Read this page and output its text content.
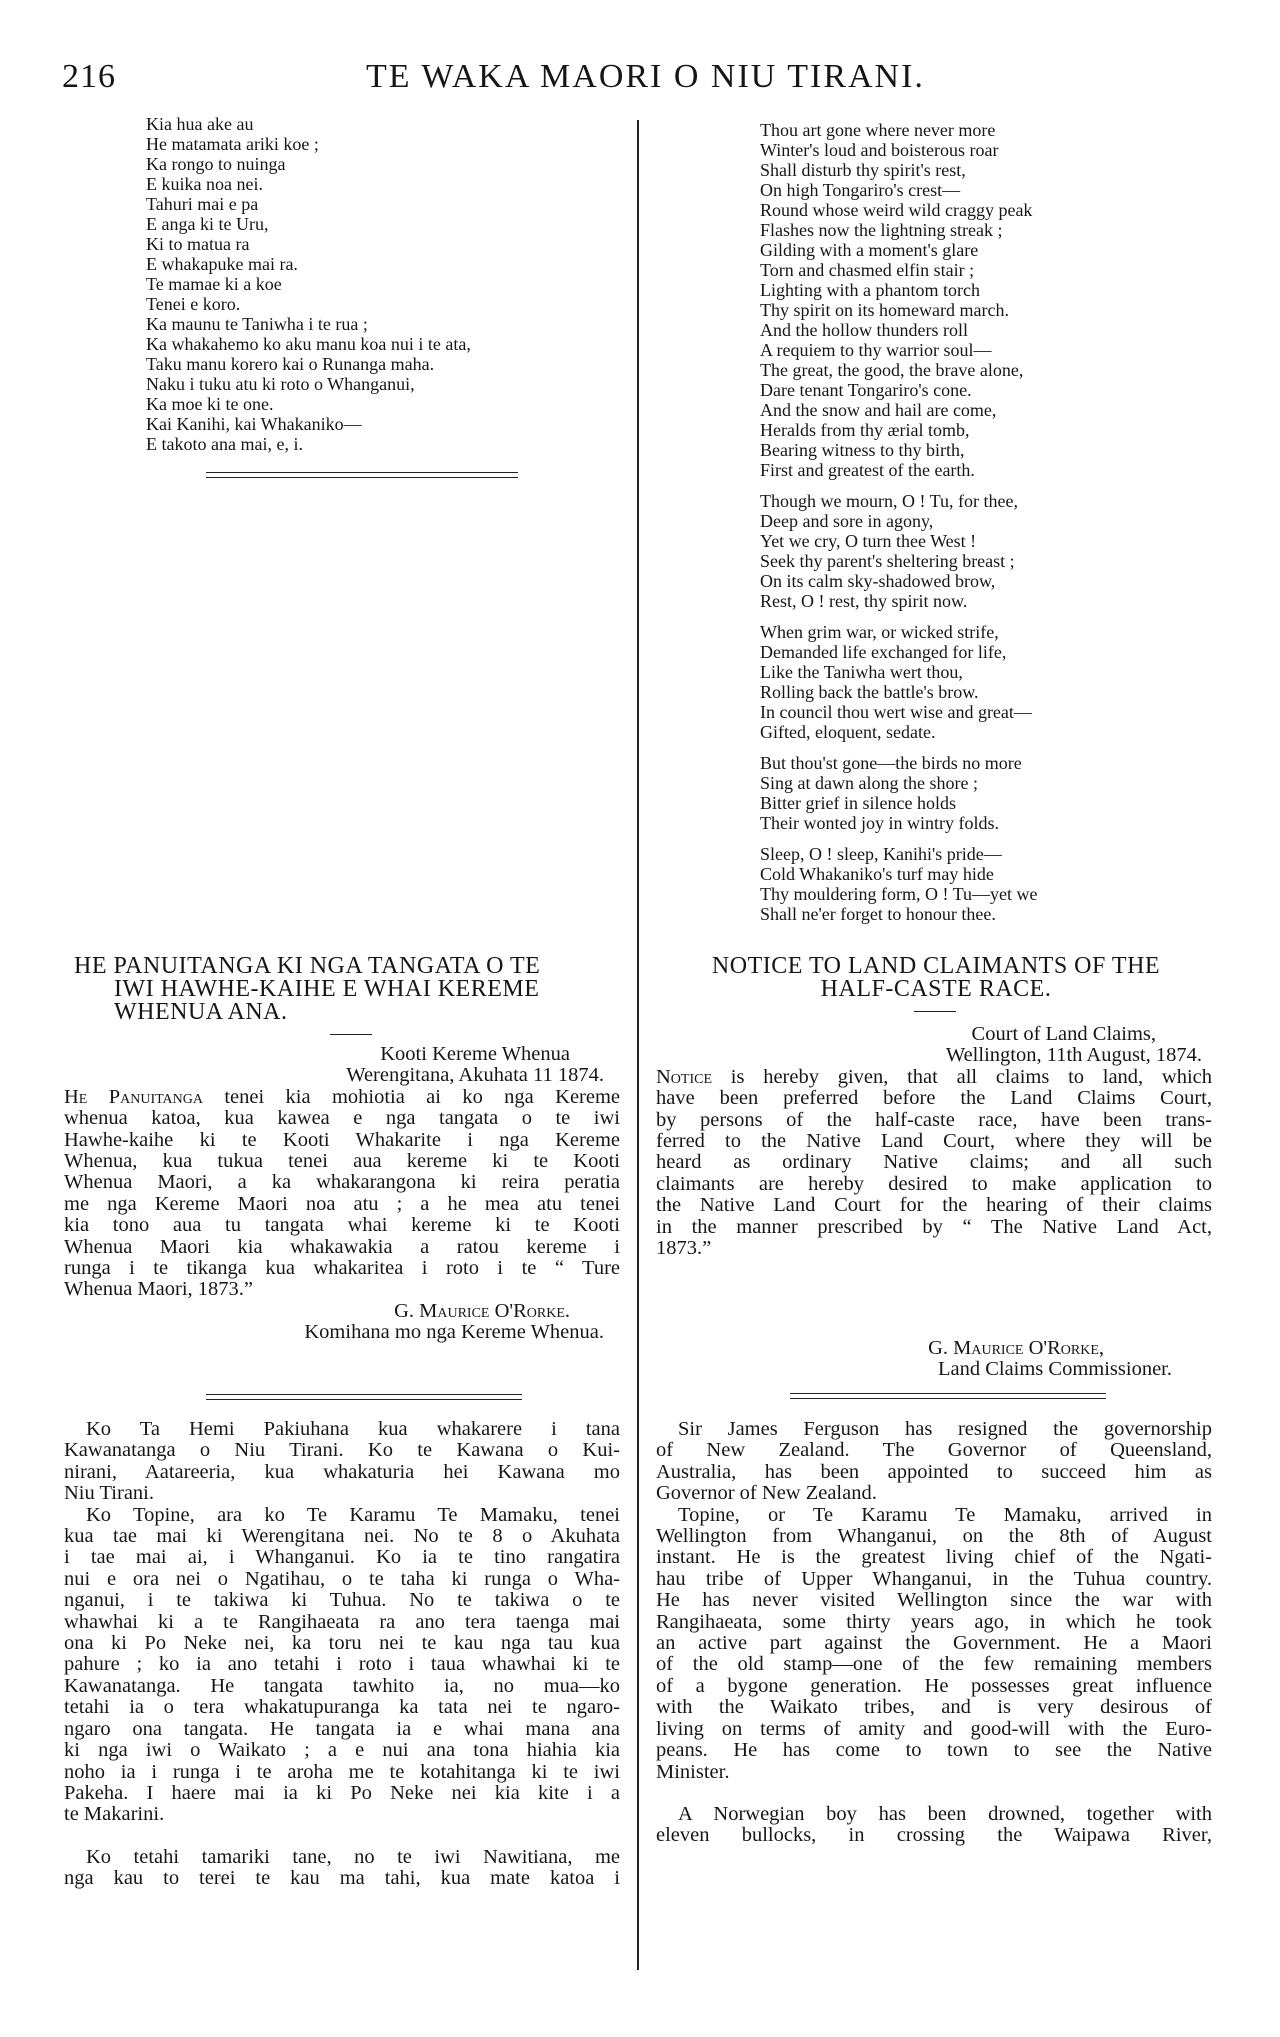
216	TE WAKA MAORI O NIU TIRANI.
Kia hua ake au
He matamata ariki koe ;
Ka rongo to nuinga
E kuika noa nei.
Tahuri mai e pa
E anga ki te Uru,
Ki to matua ra
E whakapuke mai ra.
Te mamae ki a koe
Tenei e koro.
Ka maunu te Taniwha i te rua ;
Ka whakahemo ko aku manu koa nui i te ata,
Taku manu korero kai o Runanga maha.
Naku i tuku atu ki roto o Whanganui,
Ka moe ki te one.
Kai Kanihi, kai Whakaniko—
E takoto ana mai, e, i.
Thou art gone where never more
Winter's loud and boisterous roar
Shall disturb thy spirit's rest,
On high Tongariro's crest—
Round whose weird wild craggy peak
Flashes now the lightning streak ;
Gilding with a moment's glare
Torn and chasmed elfin stair ;
Lighting with a phantom torch
Thy spirit on its homeward march.
And the hollow thunders roll
A requiem to thy warrior soul—
The great, the good, the brave alone,
Dare tenant Tongariro's cone.
And the snow and hail are come,
Heralds from thy ærial tomb,
Bearing witness to thy birth,
First and greatest of the earth.
Though we mourn, O ! Tu, for thee,
Deep and sore in agony,
Yet we cry, O turn thee West !
Seek thy parent's sheltering breast ;
On its calm sky-shadowed brow,
Rest, O ! rest, thy spirit now.
When grim war, or wicked strife,
Demanded life exchanged for life,
Like the Taniwha wert thou,
Rolling back the battle's brow.
In council thou wert wise and great—
Gifted, eloquent, sedate.
But thou'st gone—the birds no more
Sing at dawn along the shore ;
Bitter grief in silence holds
Their wonted joy in wintry folds.
Sleep, O ! sleep, Kanihi's pride—
Cold Whakaniko's turf may hide
Thy mouldering form, O ! Tu—yet we
Shall ne'er forget to honour thee.
HE PANUITANGA KI NGA TANGATA O TE
IWI HAWHE-KAIHE E WHAI KEREME
WHENUA ANA.
Kooti Kereme Whenua
Werengitana, Akuhata 11 1874.
He Panuitanga tenei kia mohiotia ai ko nga Kereme
whenua katoa, kua kawea e nga tangata o te iwi
Hawhe-kaihe ki te Kooti Whakarite i nga Kereme
Whenua, kua tukua tenei aua kereme ki te Kooti
Whenua Maori, a ka whakarangona ki reira peratia
me nga Kereme Maori noa atu ; a he mea atu tenei
kia tono aua tu tangata whai kereme ki te Kooti
Whenua Maori kia whakawakia a ratou kereme i
runga i te tikanga kua whakaritea i roto i te “ Ture
Whenua Maori, 1873.”
G. Maurice O'Rorke.
Komihana mo nga Kereme Whenua.
NOTICE TO LAND CLAIMANTS OF THE
HALF-CASTE RACE.
Court of Land Claims,
Wellington, 11th August, 1874.
Notice is hereby given, that all claims to land, which
have been preferred before the Land Claims Court,
by persons of the half-caste race, have been trans-
ferred to the Native Land Court, where they will be
heard as ordinary Native claims; and all such
claimants are hereby desired to make application to
the Native Land Court for the hearing of their claims
in the manner prescribed by “ The Native Land Act,
1873.”
G. Maurice O'Rorke,
Land Claims Commissioner.
Ko Ta Hemi Pakiuhana kua whakarere i tana
Kawanatanga o Niu Tirani. Ko te Kawana o Kui-
nirani, Aatareeria, kua whakaturia hei Kawana mo
Niu Tirani.
Ko Topine, ara ko Te Karamu Te Mamaku, tenei
kua tae mai ki Werengitana nei. No te 8 o Akuhata
i tae mai ai, i Whanganui. Ko ia te tino rangatira
nui e ora nei o Ngatihau, o te taha ki runga o Wha-
nganui, i te takiwa ki Tuhua. No te takiwa o te
whawhai ki a te Rangihaeata ra ano tera taenga mai
ona ki Po Neke nei, ka toru nei te kau nga tau kua
pahure ; ko ia ano tetahi i roto i taua whawhai ki te
Kawanatanga. He tangata tawhito ia, no mua—ko
tetahi ia o tera whakatupuranga ka tata nei te ngaro-
ngaro ona tangata. He tangata ia e whai mana ana
ki nga iwi o Waikato ; a e nui ana tona hiahia kia
noho ia i runga i te aroha me te kotahitanga ki te iwi
Pakeha. I haere mai ia ki Po Neke nei kia kite i a
te Makarini.
Ko tetahi tamariki tane, no te iwi Nawitiana, me
nga kau to terei te kau ma tahi, kua mate katoa i
Sir James Ferguson has resigned the governorship
of New Zealand. The Governor of Queensland,
Australia, has been appointed to succeed him as
Governor of New Zealand.
Topine, or Te Karamu Te Mamaku, arrived in
Wellington from Whanganui, on the 8th of August
instant. He is the greatest living chief of the Ngati-
hau tribe of Upper Whanganui, in the Tuhua country.
He has never visited Wellington since the war with
Rangihaeata, some thirty years ago, in which he took
an active part against the Government. He a Maori
of the old stamp—one of the few remaining members
of a bygone generation. He possesses great influence
with the Waikato tribes, and is very desirous of
living on terms of amity and good-will with the Euro-
peans. He has come to town to see the Native
Minister.
A Norwegian boy has been drowned, together with
eleven bullocks, in crossing the Waipawa River,
